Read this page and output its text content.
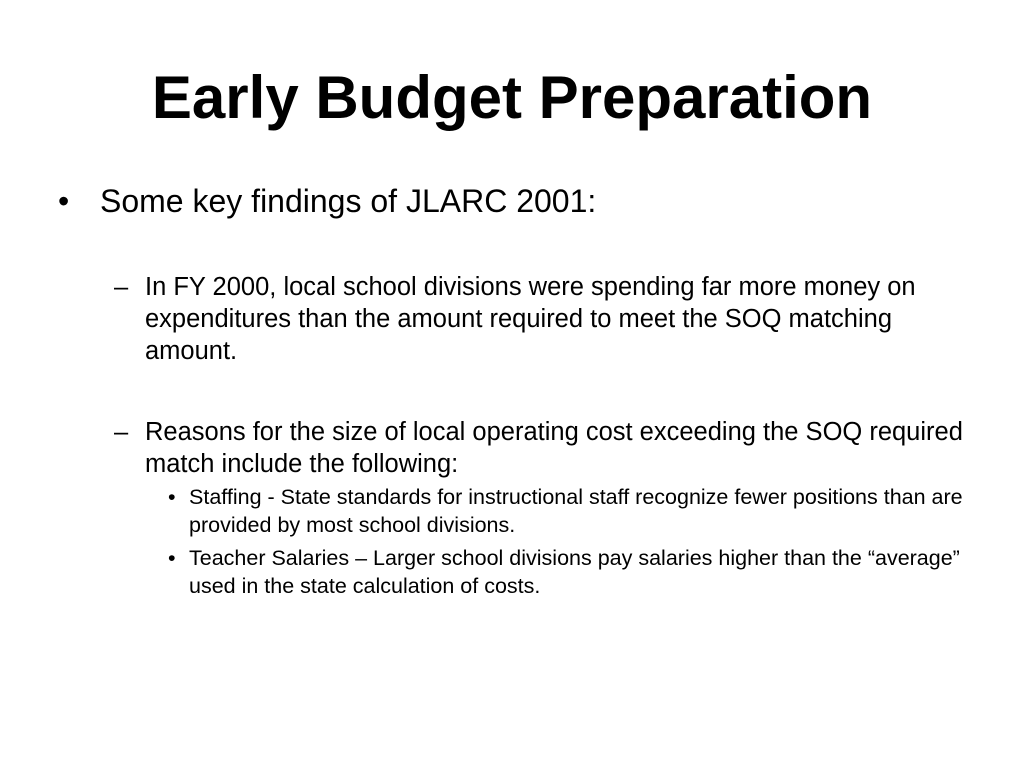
Early Budget Preparation
• Some key findings of JLARC 2001:
– In FY 2000, local school divisions were spending far more money on expenditures than the amount required to meet the SOQ matching amount.
– Reasons for the size of local operating cost exceeding the SOQ required match include the following:
• Staffing - State standards for instructional staff recognize fewer positions than are provided by most school divisions.
• Teacher Salaries – Larger school divisions pay salaries higher than the “average” used in the state calculation of costs.
